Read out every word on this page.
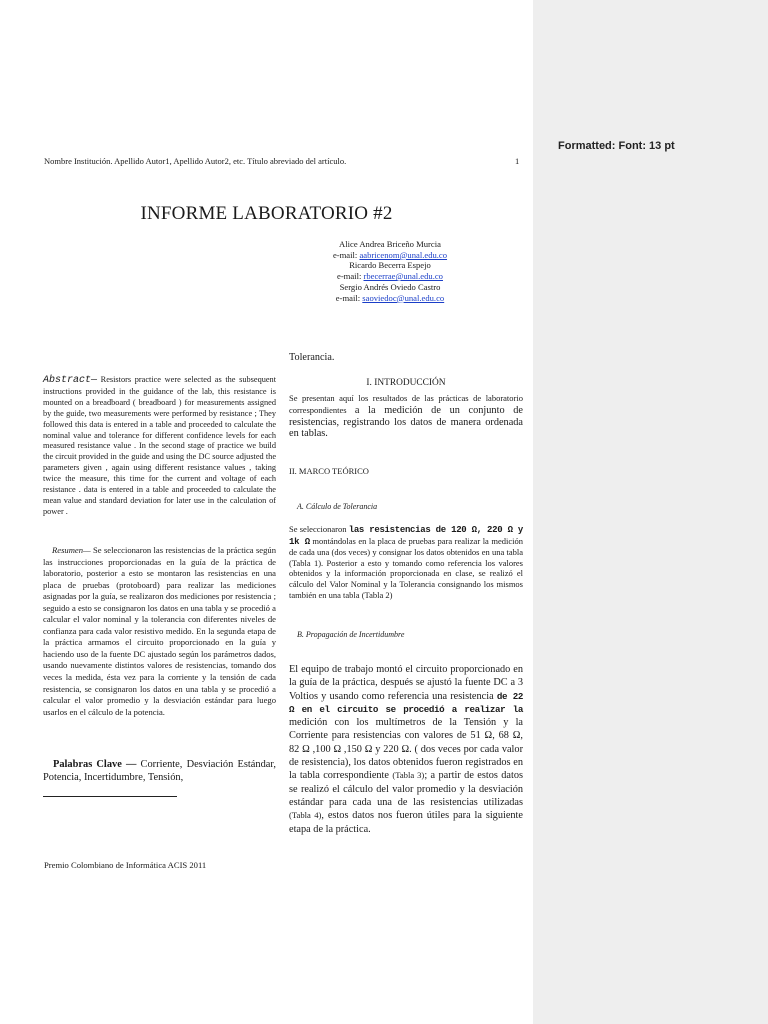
Nombre Institución. Apellido Autor1, Apellido Autor2, etc. Título abreviado del artículo.	1
INFORME LABORATORIO #2
Alice Andrea Briceño Murcia
e-mail: aabricenom@unal.edu.co
Ricardo Becerra Espejo
e-mail: rbecerrae@unal.edu.co
Sergio Andrés Oviedo Castro
e-mail: saoviedoc@unal.edu.co
Abstract— Resistors practice were selected as the subsequent instructions provided in the guidance of the lab, this resistance is mounted on a breadboard ( breadboard ) for measurements assigned by the guide, two measurements were performed by resistance ; They followed this data is entered in a table and proceeded to calculate the nominal value and tolerance for different confidence levels for each measured resistance value . In the second stage of practice we build the circuit provided in the guide and using the DC source adjusted the parameters given , again using different resistance values , taking twice the measure, this time for the current and voltage of each resistance . data is entered in a table and proceeded to calculate the mean value and standard deviation for later use in the calculation of power .
Resumen— Se seleccionaron las resistencias de la práctica según las instrucciones proporcionadas en la guía de la práctica de laboratorio, posterior a esto se montaron las resistencias en una placa de pruebas (protoboard) para realizar las mediciones asignadas por la guía, se realizaron dos mediciones por resistencia ; seguido a esto se consignaron los datos en una tabla y se procedió a calcular el valor nominal y la tolerancia con diferentes niveles de confianza para cada valor resistivo medido. En la segunda etapa de la práctica armamos el circuito proporcionado en la guía y haciendo uso de la fuente DC ajustado según los parámetros dados, usando nuevamente distintos valores de resistencias, tomando dos veces la medida, ésta vez para la corriente y la tensión de cada resistencia, se consignaron los datos en una tabla y se procedió a calcular el valor promedio y la desviación estándar para luego usarlos en el cálculo de la potencia.
Palabras Clave — Corriente, Desviación Estándar, Potencia, Incertidumbre, Tensión,
Tolerancia.
I. INTRODUCCIÓN
Se presentan aquí los resultados de las prácticas de laboratorio correspondientes a la medición de un conjunto de resistencias, registrando los datos de manera ordenada en tablas.
II. MARCO TEÓRICO
A. Cálculo de Tolerancia
Se seleccionaron las resistencias de 120 Ω, 220 Ω y 1k Ω montándolas en la placa de pruebas para realizar la medición de cada una (dos veces) y consignar los datos obtenidos en una tabla (Tabla 1). Posterior a esto y tomando como referencia los valores obtenidos y la información proporcionada en clase, se realizó el cálculo del Valor Nominal y la Tolerancia consignando los mismos también en una tabla (Tabla 2)
B. Propagación de Incertidumbre
El equipo de trabajo montó el circuito proporcionado en la guía de la práctica, después se ajustó la fuente DC a 3 Voltios y usando como referencia una resistencia de 22 Ω en el circuito se procedió a realizar la medición con los multímetros de la Tensión y la Corriente para resistencias con valores de 51 Ω, 68 Ω, 82 Ω ,100 Ω ,150 Ω y 220 Ω. ( dos veces por cada valor de resistencia), los datos obtenidos fueron registrados en la tabla correspondiente (Tabla 3); a partir de estos datos se realizó el cálculo del valor promedio y la desviación estándar para cada una de las resistencias utilizadas (Tabla 4), estos datos nos fueron útiles para la siguiente etapa de la práctica.
Premio Colombiano de Informática ACIS 2011
Formatted: Font: 13 pt
